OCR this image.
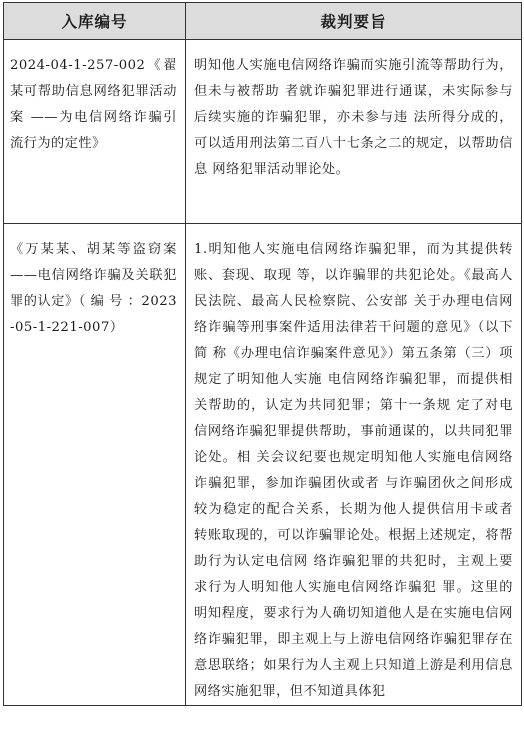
入库编号	裁判要旨

2024-04-1-257-002《翟某可帮助信息网络犯罪活动案 ——为电信网络诈骗引流行为的定性》	明知他人实施电信网络诈骗而实施引流等帮助行为，但未与被帮助 者就诈骗犯罪进行通谋，未实际参与后续实施的诈骗犯罪，亦未参与违 法所得分成的，可以适用刑法第二百八十七条之二的规定，以帮助信息 网络犯罪活动罪论处。

《万某某、胡某等盗窃案——电信网络诈骗及关联犯罪的认定》（ 编 号 ：2023-05-1-221-007）	1.明知他人实施电信网络诈骗犯罪，而为其提供转账、套现、取现 等，以诈骗罪的共犯论处。《最高人民法院、最高人民检察院、公安部 关于办理电信网络诈骗等刑事案件适用法律若干问题的意见》（以下简 称《办理电信诈骗案件意见》）第五条第（三）项规定了明知他人实施 电信网络诈骗犯罪，而提供相关帮助的，认定为共同犯罪；第十一条规 定了对电信网络诈骗犯罪提供帮助，事前通谋的，以共同犯罪论处。相 关会议纪要也规定明知他人实施电信网络诈骗犯罪，参加诈骗团伙或者 与诈骗团伙之间形成较为稳定的配合关系，长期为他人提供信用卡或者 转账取现的，可以诈骗罪论处。根据上述规定，将帮助行为认定电信网 络诈骗犯罪的共犯时，主观上要求行为人明知他人实施电信网络诈骗犯 罪。这里的明知程度，要求行为人确切知道他人是在实施电信网络诈骗犯罪，即主观上与上游电信网络诈骗犯罪存在意思联络；如果行为人主观上只知道上游是利用信息网络实施犯罪，但不知道具体犯
